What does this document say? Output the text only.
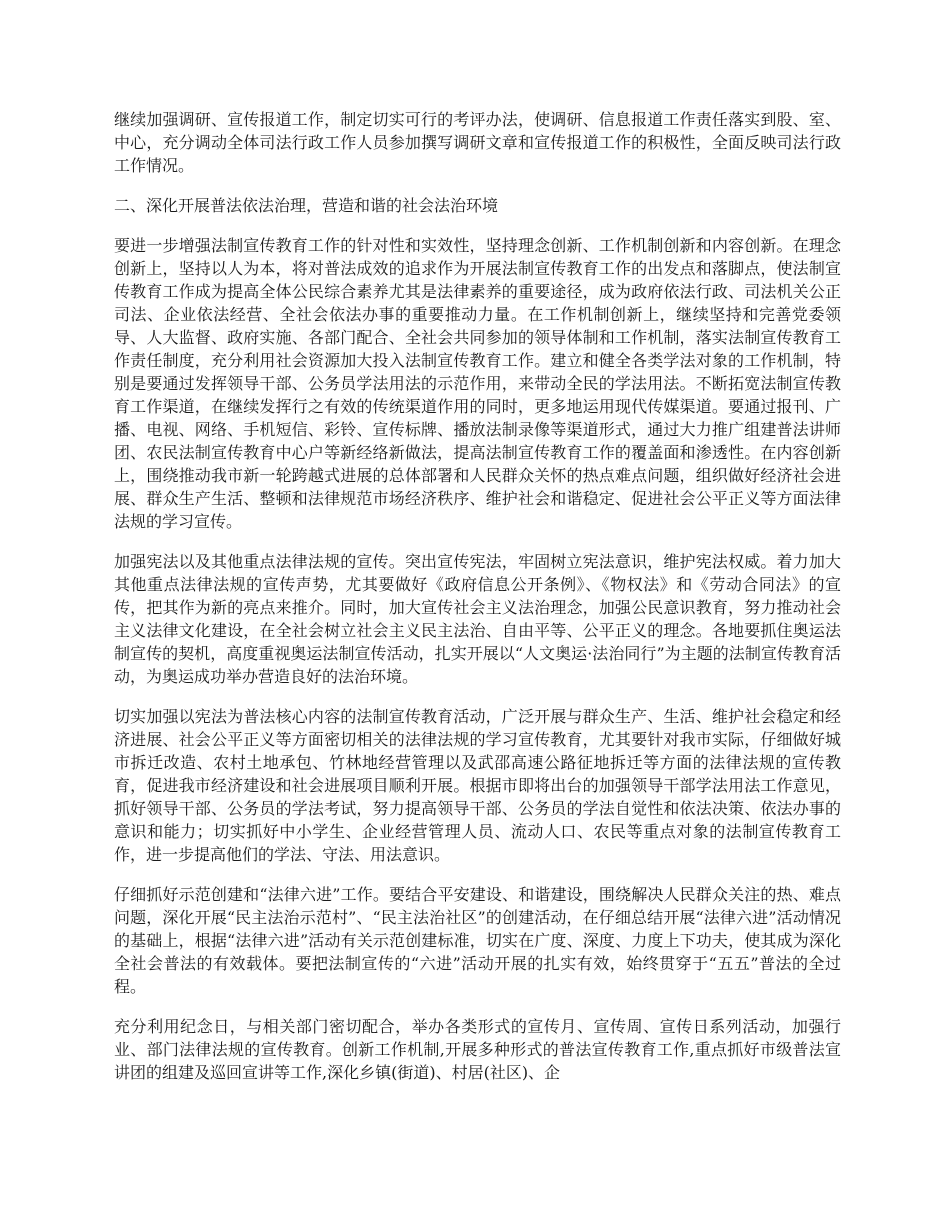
继续加强调研、宣传报道工作，制定切实可行的考评办法，使调研、信息报道工作责任落实到股、室、中心，充分调动全体司法行政工作人员参加撰写调研文章和宣传报道工作的积极性，全面反映司法行政工作情况。

二、深化开展普法依法治理，营造和谐的社会法治环境

要进一步增强法制宣传教育工作的针对性和实效性，坚持理念创新、工作机制创新和内容创新。在理念创新上，坚持以人为本，将对普法成效的追求作为开展法制宣传教育工作的出发点和落脚点，使法制宣传教育工作成为提高全体公民综合素养尤其是法律素养的重要途径，成为政府依法行政、司法机关公正司法、企业依法经营、全社会依法办事的重要推动力量。在工作机制创新上，继续坚持和完善党委领导、人大监督、政府实施、各部门配合、全社会共同参加的领导体制和工作机制，落实法制宣传教育工作责任制度，充分利用社会资源加大投入法制宣传教育工作。建立和健全各类学法对象的工作机制，特别是要通过发挥领导干部、公务员学法用法的示范作用，来带动全民的学法用法。不断拓宽法制宣传教育工作渠道，在继续发挥行之有效的传统渠道作用的同时，更多地运用现代传媒渠道。要通过报刊、广播、电视、网络、手机短信、彩铃、宣传标牌、播放法制录像等渠道形式，通过大力推广组建普法讲师团、农民法制宣传教育中心户等新经络新做法，提高法制宣传教育工作的覆盖面和渗透性。在内容创新上，围绕推动我市新一轮跨越式进展的总体部署和人民群众关怀的热点难点问题，组织做好经济社会进展、群众生产生活、整顿和法律规范市场经济秩序、维护社会和谐稳定、促进社会公平正义等方面法律法规的学习宣传。

加强宪法以及其他重点法律法规的宣传。突出宣传宪法，牢固树立宪法意识，维护宪法权威。着力加大其他重点法律法规的宣传声势，尤其要做好《政府信息公开条例》、《物权法》和《劳动合同法》的宣传，把其作为新的亮点来推介。同时，加大宣传社会主义法治理念，加强公民意识教育，努力推动社会主义法律文化建设，在全社会树立社会主义民主法治、自由平等、公平正义的理念。各地要抓住奥运法制宣传的契机，高度重视奥运法制宣传活动，扎实开展以“人文奥运·法治同行”为主题的法制宣传教育活动，为奥运成功举办营造良好的法治环境。

切实加强以宪法为普法核心内容的法制宣传教育活动，广泛开展与群众生产、生活、维护社会稳定和经济进展、社会公平正义等方面密切相关的法律法规的学习宣传教育，尤其要针对我市实际，仔细做好城市拆迁改造、农村土地承包、竹林地经营管理以及武邵高速公路征地拆迁等方面的法律法规的宣传教育，促进我市经济建设和社会进展项目顺利开展。根据市即将出台的加强领导干部学法用法工作意见，抓好领导干部、公务员的学法考试，努力提高领导干部、公务员的学法自觉性和依法决策、依法办事的意识和能力；切实抓好中小学生、企业经营管理人员、流动人口、农民等重点对象的法制宣传教育工作，进一步提高他们的学法、守法、用法意识。

仔细抓好示范创建和“法律六进”工作。要结合平安建设、和谐建设，围绕解决人民群众关注的热、难点问题，深化开展“民主法治示范村”、“民主法治社区”的创建活动，在仔细总结开展“法律六进”活动情况的基础上，根据“法律六进”活动有关示范创建标准，切实在广度、深度、力度上下功夫，使其成为深化全社会普法的有效载体。要把法制宣传的“六进”活动开展的扎实有效，始终贯穿于“五五”普法的全过程。

充分利用纪念日，与相关部门密切配合，举办各类形式的宣传月、宣传周、宣传日系列活动，加强行业、部门法律法规的宣传教育。创新工作机制,开展多种形式的普法宣传教育工作,重点抓好市级普法宣讲团的组建及巡回宣讲等工作,深化乡镇(街道)、村居(社区)、企
